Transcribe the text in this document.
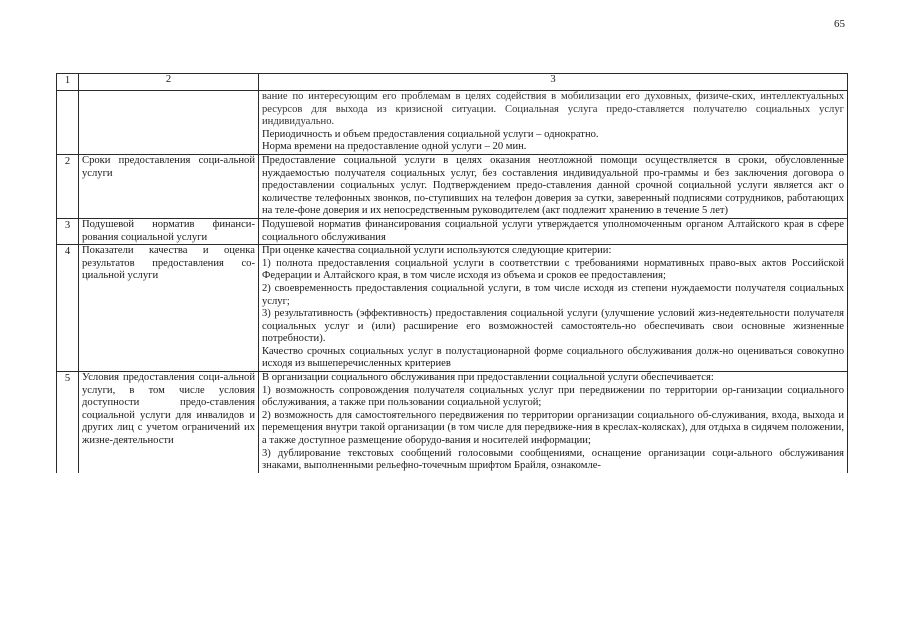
65
1	2	3

		вание по интересующим его проблемам в целях содействия в мобилизации его духовных, физиче-ских, интеллектуальных ресурсов для выхода из кризисной ситуации. Социальная услуга предо-ставляется получателю социальных услуг индивидуально.

Периодичность и объем предоставления социальной услуги – однократно.

Норма времени на предоставление одной услуги – 20 мин.

2	Сроки предоставления соци-альной услуги	Предоставление социальной услуги в целях оказания неотложной помощи осуществляется в сроки, обусловленные нуждаемостью получателя социальных услуг, без составления индивидуальной про-граммы и без заключения договора о предоставлении социальных услуг. Подтверждением предо-ставления данной срочной социальной услуги является акт о количестве телефонных звонков, по-ступивших на телефон доверия за сутки, заверенный подписями сотрудников, работающих на теле-фоне доверия и их непосредственным руководителем (акт подлежит хранению в течение 5 лет)

3	Подушевой норматив финанси-рования социальной услуги	Подушевой норматив финансирования социальной услуги утверждается уполномоченным органом Алтайского края в сфере социального обслуживания

4	Показатели качества и оценка результатов предоставления со-циальной услуги	При оценке качества социальной услуги используются следующие критерии:

1) полнота предоставления социальной услуги в соответствии с требованиями нормативных право-вых актов Российской Федерации и Алтайского края, в том числе исходя из объема и сроков ее предоставления;

2) своевременность предоставления социальной услуги, в том числе исходя из степени нуждаемости получателя социальных услуг;

3) результативность (эффективность) предоставления социальной услуги (улучшение условий жиз-недеятельности получателя социальных услуг и (или) расширение его возможностей самостоятель-но обеспечивать свои основные жизненные потребности).

Качество срочных социальных услуг в полустационарной форме социального обслуживания долж-но оцениваться совокупно исходя из вышеперечисленных критериев

5	Условия предоставления соци-альной услуги, в том числе условия доступности предо-ставления социальной услуги для инвалидов и других лиц с учетом ограничений их жизне-деятельности	В организации социального обслуживания при предоставлении социальной услуги обеспечивается:

1) возможность сопровождения получателя социальных услуг при передвижении по территории ор-ганизации социального обслуживания, а также при пользовании социальной услугой;

2) возможность для самостоятельного передвижения по территории организации социального об-служивания, входа, выхода и перемещения внутри такой организации (в том числе для передвиже-ния в креслах-колясках), для отдыха в сидячем положении, а также доступное размещение оборудо-вания и носителей информации;

3) дублирование текстовых сообщений голосовыми сообщениями, оснащение организации соци-ального обслуживания знаками, выполненными рельефно-точечным шрифтом Брайля, ознакомле-
